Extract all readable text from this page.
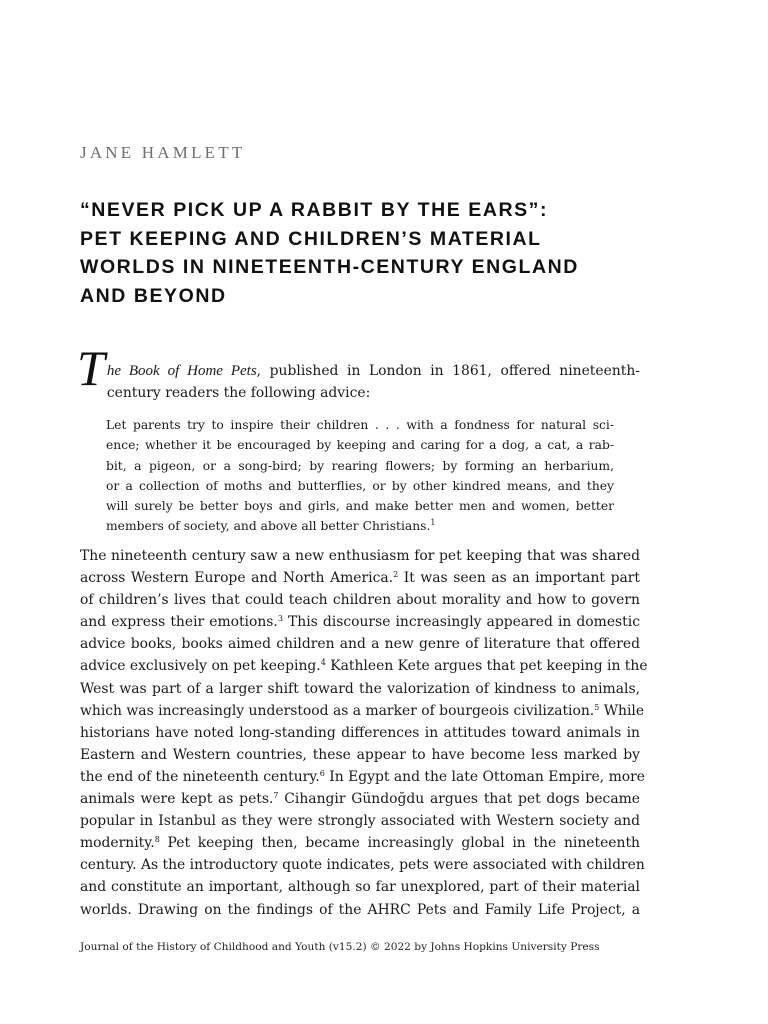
JANE HAMLETT
“NEVER PICK UP A RABBIT BY THE EARS”:
PET KEEPING AND CHILDREN’S MATERIAL
WORLDS IN NINETEENTH-CENTURY ENGLAND
AND BEYOND
T he Book of Home Pets, published in London in 1861, offered nineteenth-
century readers the following advice:
Let parents try to inspire their children . . . with a fondness for natural sci-
ence; whether it be encouraged by keeping and caring for a dog, a cat, a rab-
bit, a pigeon, or a song-bird; by rearing flowers; by forming an herbarium,
or a collection of moths and butterflies, or by other kindred means, and they
will surely be better boys and girls, and make better men and women, better
members of society, and above all better Christians.$^1$
The nineteenth century saw a new enthusiasm for pet keeping that was shared
across Western Europe and North America.$^2$ It was seen as an important part
of children’s lives that could teach children about morality and how to govern
and express their emotions.$^3$ This discourse increasingly appeared in domestic
advice books, books aimed children and a new genre of literature that offered
advice exclusively on pet keeping.$^4$ Kathleen Kete argues that pet keeping in the
West was part of a larger shift toward the valorization of kindness to animals,
which was increasingly understood as a marker of bourgeois civilization.$^5$ While
historians have noted long-standing differences in attitudes toward animals in
Eastern and Western countries, these appear to have become less marked by
the end of the nineteenth century.$^6$ In Egypt and the late Ottoman Empire, more
animals were kept as pets.$^7$ Cihangir Gündoğdu argues that pet dogs became
popular in Istanbul as they were strongly associated with Western society and
modernity.$^8$ Pet keeping then, became increasingly global in the nineteenth
century. As the introductory quote indicates, pets were associated with children
and constitute an important, although so far unexplored, part of their material
worlds. Drawing on the findings of the AHRC Pets and Family Life Project, a
Journal of the History of Childhood and Youth (v15.2) © 2022 by Johns Hopkins University Press
